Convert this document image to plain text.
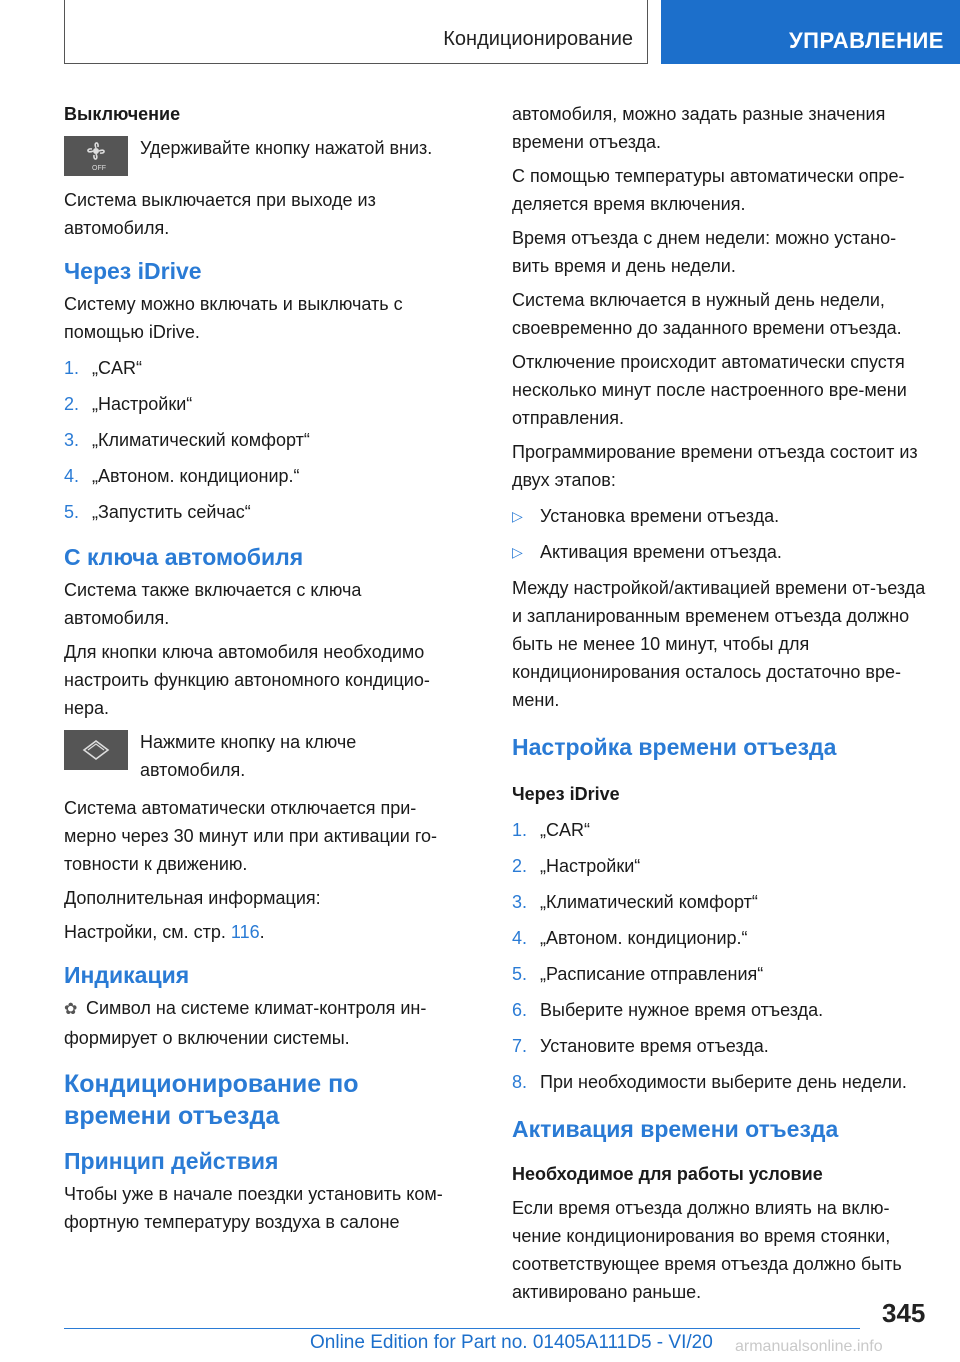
Кондиционирование	УПРАВЛЕНИЕ
Выключение
OFF
Удерживайте кнопку нажатой вниз.

Система выключается при выходе из автомобиля.

Через iDrive

Систему можно включать и выключать с помощью iDrive.

1. „CAR“
2. „Настройки“
3. „Климатический комфорт“
4. „Автоном. кондиционир.“
5. „Запустить сейчас“
С ключа автомобиля

Система также включается с ключа автомобиля.

Для кнопки ключа автомобиля необходимо настроить функцию автономного кондицио-нера.

Нажмите кнопку на ключе автомобиля.

Система автоматически отключается при-мерно через 30 минут или при активации го-товности к движению.

Дополнительная информация:

Настройки, см. стр. 116.

Индикация

✿ Символ на системе климат-контроля ин-формирует о включении системы.

Кондиционирование по времени отъезда
Принцип действия

Чтобы уже в начале поездки установить ком-фортную температуру воздуха в салоне

автомобиля, можно задать разные значения времени отъезда.

С помощью температуры автоматически опре-деляется время включения.

Время отъезда с днем недели: можно устано-вить время и день недели.

Система включается в нужный день недели, своевременно до заданного времени отъезда.

Отключение происходит автоматически спустя несколько минут после настроенного вре-мени отправления.

Программирование времени отъезда состоит из двух этапов:

▷ Установка времени отъезда.
▷ Активация времени отъезда.

Между настройкой/активацией времени от-ъезда и запланированным временем отъезда должно быть не менее 10 минут, чтобы для кондиционирования осталось достаточно вре-мени.

Настройка времени отъезда
Через iDrive
1. „CAR“
2. „Настройки“
3. „Климатический комфорт“
4. „Автоном. кондиционир.“
5. „Расписание отправления“
6. Выберите нужное время отъезда.
7. Установите время отъезда.
8. При необходимости выберите день недели.
Активация времени отъезда
Необходимое для работы условие

Если время отъезда должно влиять на вклю-чение кондиционирования во время стоянки, соответствующее время отъезда должно быть активировано раньше.

345
Online Edition for Part no. 01405A111D5 - VI/20 armanualsonline.info
